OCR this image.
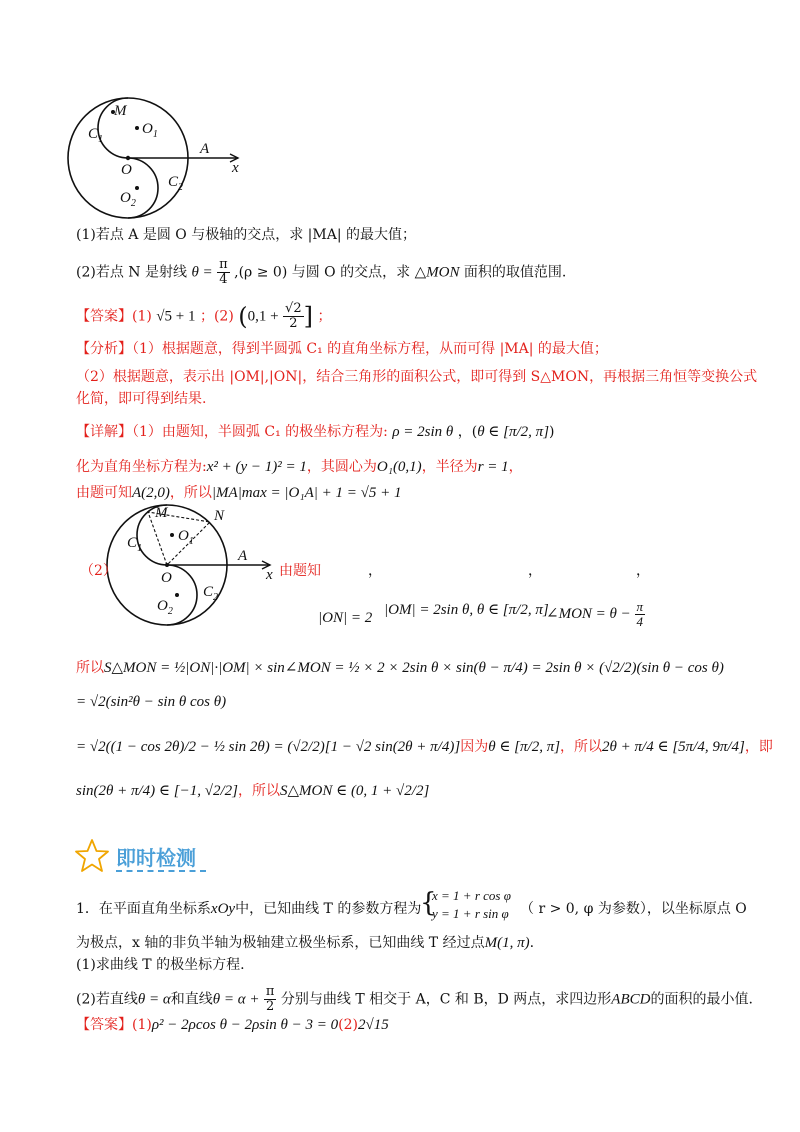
M
$O_1$
$C_1$
A
x
O
$C_2$
$O_2$
(1)若点 A 是圆 O 与极轴的交点，求 |MA| 的最大值；
(2)若点 N 是射线 $\theta = \frac{\pi}{4} ,(\rho \ge 0)$ 与圆 O 的交点，求 △MON 面积的取值范围.
【答案】(1) √5 + 1 ；(2) ($0,1 + \frac{√2}{2}$ ] ；
【分析】（1）根据题意，得到半圆弧 C₁ 的直角坐标方程，从而可得 |MA| 的最大值；
（2）根据题意，表示出 |OM|,|ON|，结合三角形的面积公式，即可得到 S△MON，再根据三角恒等变换公式
化简，即可得到结果.
【详解】（1）由题知，半圆弧 C₁ 的极坐标方程为: ρ = 2sin θ ，(θ ∈ [π/2, π])
化为直角坐标方程为:x² + (y − 1)² = 1，其圆心为O₁(0,1)，半径为r = 1，
由题可知A(2,0)，所以|MA|max = |O₁A| + 1 = √5 + 1
M	N
$O_1$
$C_1$	A
x
O
$C_2$
$O_2$
（2）	由题知	，	，	，
|ON| = 2 |OM| = 2sin θ, θ ∈ [π/2, π]
∠MON = $\theta - \frac{\pi}{4}$
所以S△MON = ½|ON|·|OM| × sin∠MON = ½ × 2 × 2sin θ × sin(θ − π/4) = 2sin θ × (√2/2)(sin θ − cos θ)
= √2(sin²θ − sin θ cos θ)
= √2((1 − cos 2θ)/2 − ½ sin 2θ) = (√2/2)[1 − √2 sin(2θ + π/4)]因为θ ∈ [π/2, π]，所以2θ + π/4 ∈ [5π/4, 9π/4]，即
sin(2θ + π/4) ∈ [−1, √2/2]，所以S△MON ∈ (0, 1 + √2/2]
即时检测
1．在平面直角坐标系xOy中，已知曲线 T 的参数方程为
{
x = 1 + r cos φ
y = 1 + r sin φ （ r > 0, φ 为参数），以坐标原点 O
为极点，x 轴的非负半轴为极轴建立极坐标系，已知曲线 T 经过点M(1, π).
(1)求曲线 T 的极坐标方程.
(2)若直线θ = α和直线$\theta = \alpha + \frac{\pi}{2}$ 分别与曲线 T 相交于 A，C 和 B，D 两点，求四边形ABCD的面积的最小值.
【答案】(1)ρ² − 2ρcos θ − 2ρsin θ − 3 = 0(2)2√15
